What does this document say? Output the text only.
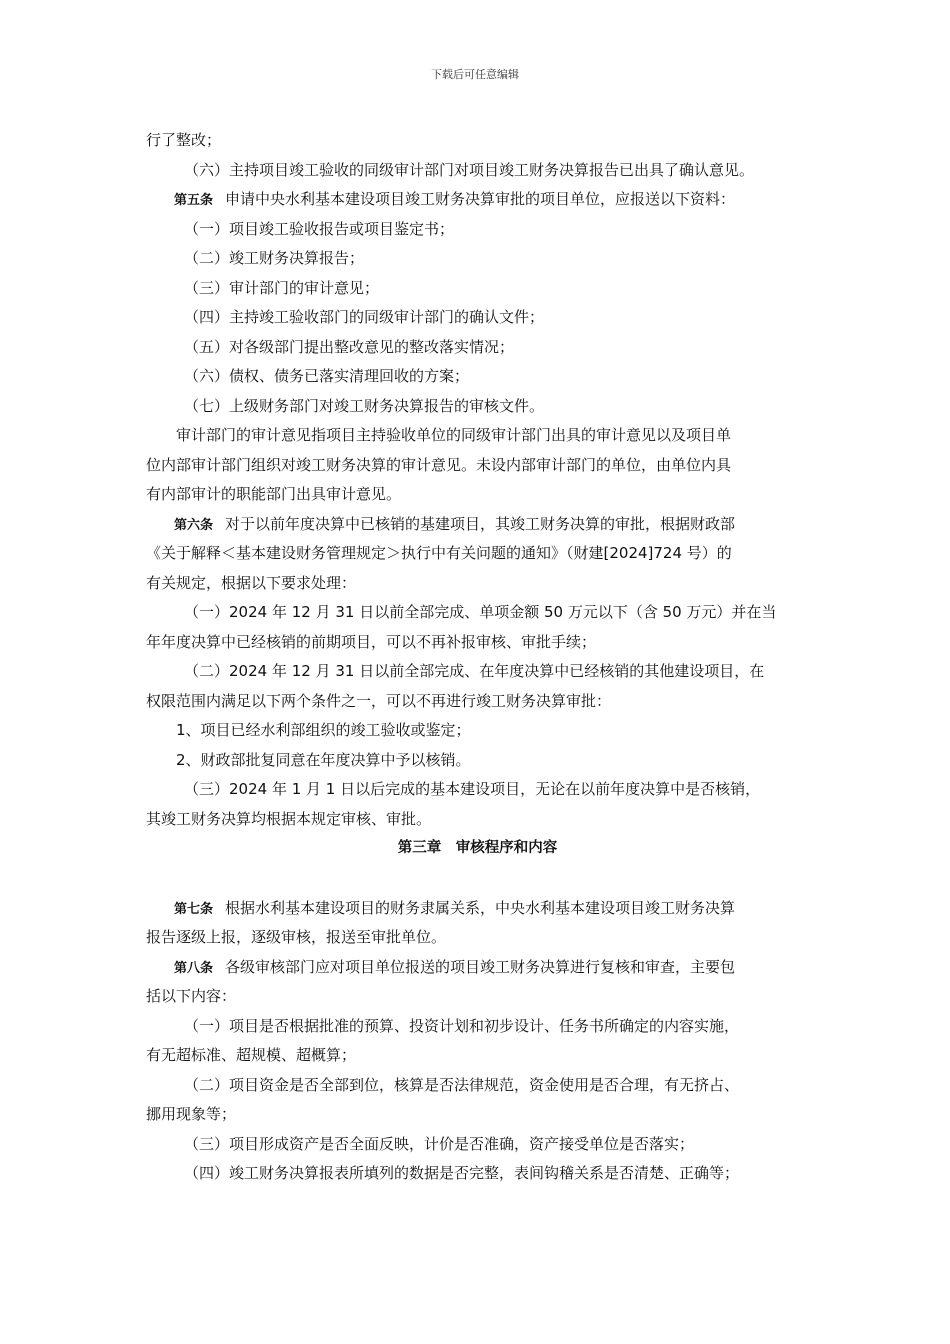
下载后可任意编辑
行了整改；
（六）主持项目竣工验收的同级审计部门对项目竣工财务决算报告已出具了确认意见。
第五条 申请中央水利基本建设项目竣工财务决算审批的项目单位，应报送以下资料：
（一）项目竣工验收报告或项目鉴定书；
（二）竣工财务决算报告；
（三）审计部门的审计意见；
（四）主持竣工验收部门的同级审计部门的确认文件；
（五）对各级部门提出整改意见的整改落实情况；
（六）债权、债务已落实清理回收的方案；
（七）上级财务部门对竣工财务决算报告的审核文件。
审计部门的审计意见指项目主持验收单位的同级审计部门出具的审计意见以及项目单
位内部审计部门组织对竣工财务决算的审计意见。未设内部审计部门的单位，由单位内具
有内部审计的职能部门出具审计意见。
第六条 对于以前年度决算中已核销的基建项目，其竣工财务决算的审批，根据财政部
《关于解释＜基本建设财务管理规定＞执行中有关问题的通知》（财建[2024]724 号）的
有关规定，根据以下要求处理：
（一）2024 年 12 月 31 日以前全部完成、单项金额 50 万元以下（含 50 万元）并在当
年年度决算中已经核销的前期项目，可以不再补报审核、审批手续；
（二）2024 年 12 月 31 日以前全部完成、在年度决算中已经核销的其他建设项目，在
权限范围内满足以下两个条件之一，可以不再进行竣工财务决算审批：
1、项目已经水利部组织的竣工验收或鉴定；
2、财政部批复同意在年度决算中予以核销。
（三）2024 年 1 月 1 日以后完成的基本建设项目，无论在以前年度决算中是否核销，
其竣工财务决算均根据本规定审核、审批。
第三章　审核程序和内容
第七条 根据水利基本建设项目的财务隶属关系，中央水利基本建设项目竣工财务决算
报告逐级上报，逐级审核，报送至审批单位。
第八条 各级审核部门应对项目单位报送的项目竣工财务决算进行复核和审查，主要包
括以下内容：
（一）项目是否根据批准的预算、投资计划和初步设计、任务书所确定的内容实施，
有无超标准、超规模、超概算；
（二）项目资金是否全部到位，核算是否法律规范，资金使用是否合理，有无挤占、
挪用现象等；
（三）项目形成资产是否全面反映，计价是否准确，资产接受单位是否落实；
（四）竣工财务决算报表所填列的数据是否完整，表间钩稽关系是否清楚、正确等；
